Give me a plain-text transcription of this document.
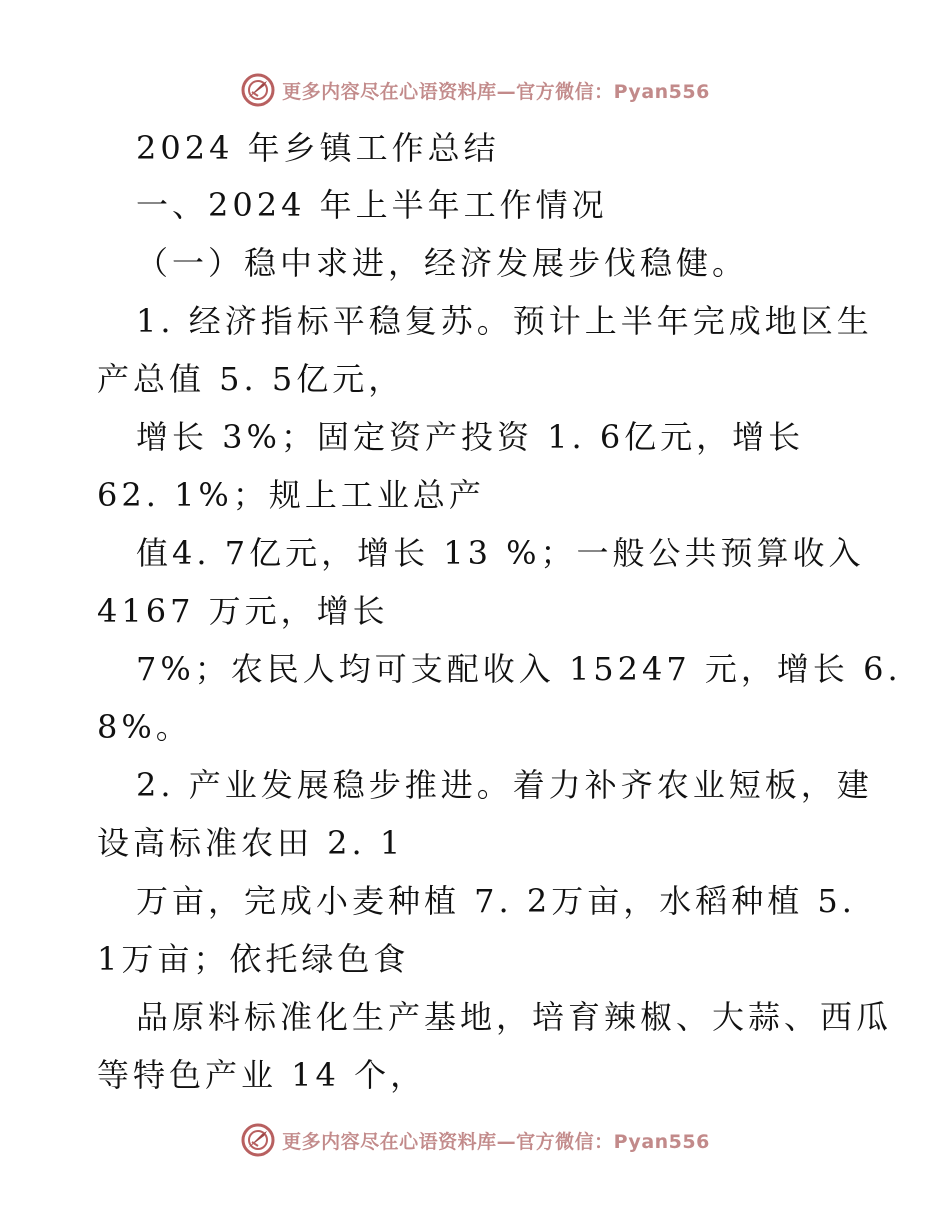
更多内容尽在心语资料库—官方微信：Pyan556
2024 年乡镇工作总结
一、2024 年上半年工作情况
（一）稳中求进，经济发展步伐稳健。
1. 经济指标平稳复苏。预计上半年完成地区生
产总值 5. 5亿元，
增长 3%；固定资产投资 1. 6亿元，增长
62. 1%；规上工业总产
值4. 7亿元，增长 13 %；一般公共预算收入
4167 万元，增长
7%；农民人均可支配收入 15247 元，增长 6.
8%。
2. 产业发展稳步推进。着力补齐农业短板，建
设高标准农田 2. 1
万亩，完成小麦种植 7. 2万亩，水稻种植 5.
1万亩；依托绿色食
品原料标准化生产基地，培育辣椒、大蒜、西瓜
等特色产业 14 个，
更多内容尽在心语资料库—官方微信：Pyan556
